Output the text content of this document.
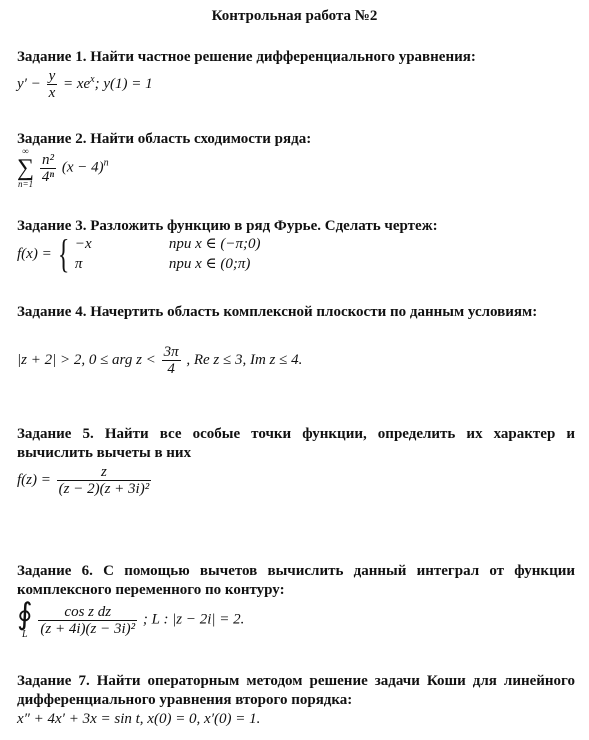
Контрольная работа №2
Задание 1. Найти частное решение дифференциального уравнения:
$y' - \frac{y}{x} = xe^x$; y(1) = 1
Задание 2. Найти область сходимости ряда:
∞
∑
n=1
$\frac{\text{n²}}{\text{4ⁿ}} (x - 4)^n$
Задание 3. Разложить функцию в ряд Фурье. Сделать чертеж:
f(x) = { −x	при x ∈ (−π;0)
π	при x ∈ (0;π)
Задание 4. Начертить область комплексной плоскости по данным условиям:
|z + 2| > 2, 0 ≤ arg $z < \frac{3\pi}{4}$ , Re z ≤ 3, Im z ≤ 4.
Задание 5. Найти все особые точки функции, определить их характер и вычислить вычеты в них
$f(z) = \frac{z}{\text{(z − 2)(z + 3i)²}}$
Задание 6. С помощью вычетов вычислить данный интеграл от функции комплексного переменного по контуру:
∮
L
$\frac{\text{cos z dz}}{\text{(z + 4i)(z − 3i)²}}$ ; L : |z − 2i| = 2.
Задание 7. Найти операторным методом решение задачи Коши для линейного дифференциального уравнения второго порядка:
x″ + 4x′ + 3x = sin t, x(0) = 0, x′(0) = 1.
